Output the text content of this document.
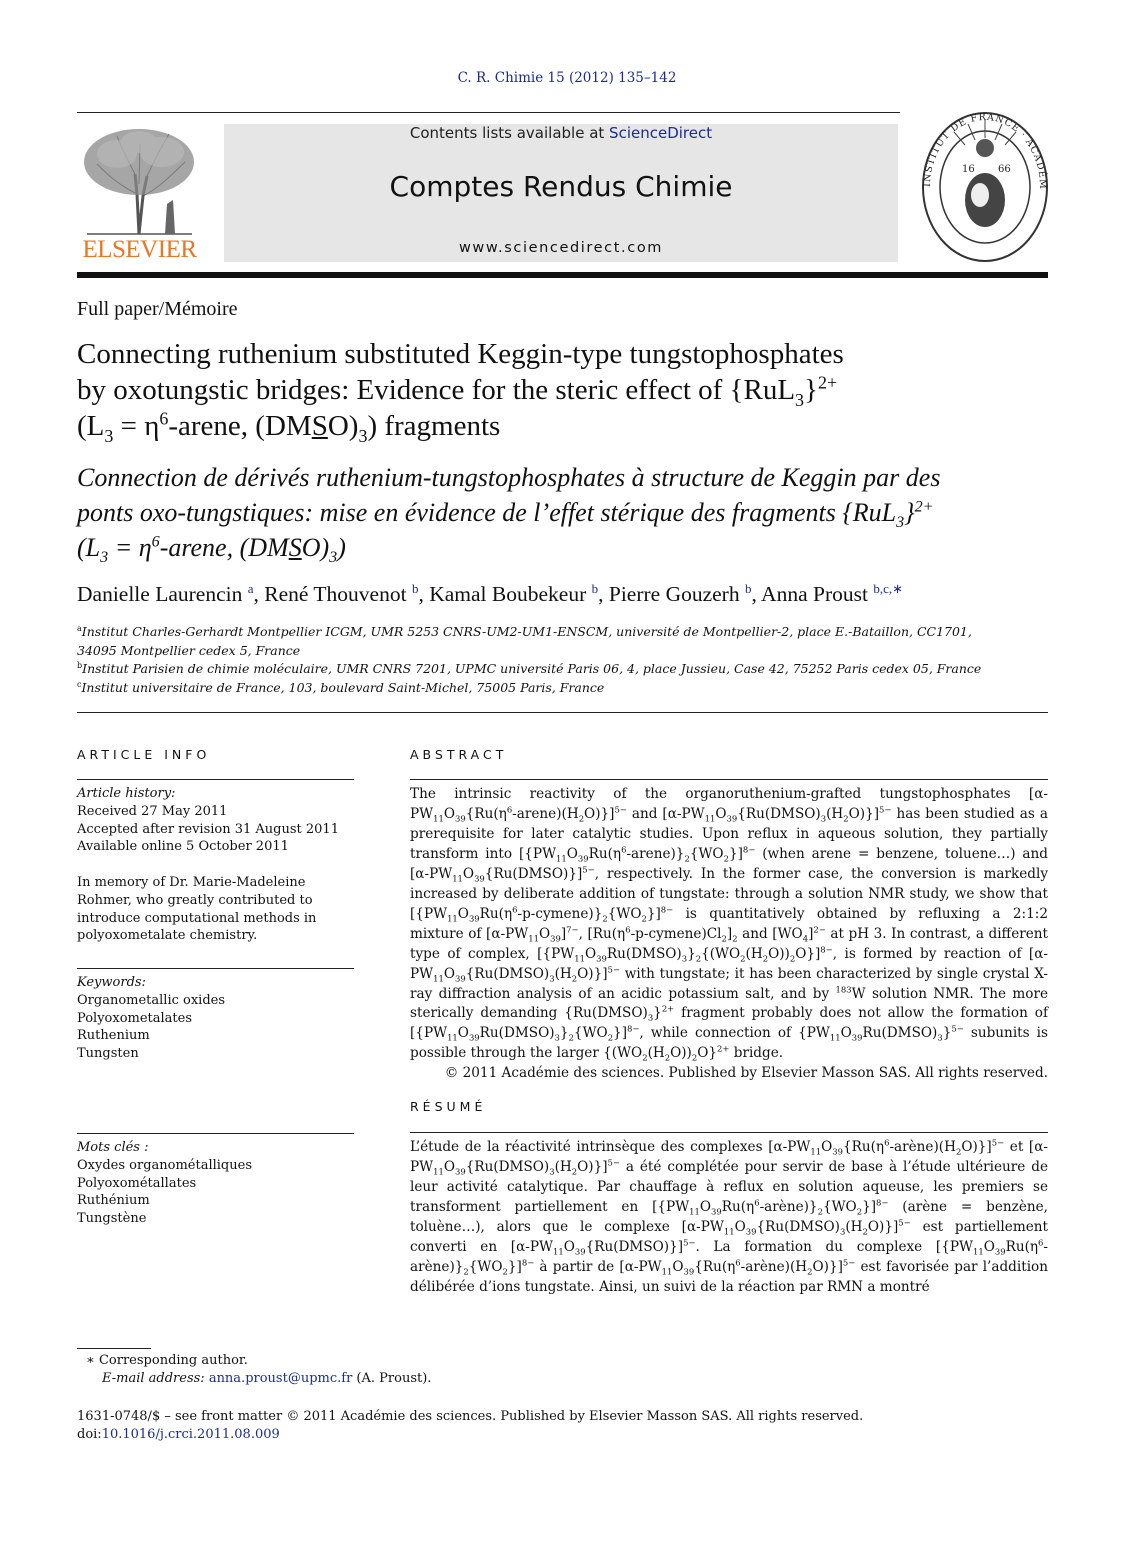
C. R. Chimie 15 (2012) 135–142
ELSEVIER
Contents lists available at ScienceDirect
Comptes Rendus Chimie
www.sciencedirect.com
16 66
INSTITUT DE FRANCE · ACADÉM
Full paper/Mémoire
Connecting ruthenium substituted Keggin-type tungstophosphates
by oxotungstic bridges: Evidence for the steric effect of $\{RuL_3\}^{2+}$
($L_3$ = $\eta^6$-arene, $(DMSO)_3$) fragments
Connection de dérivés ruthenium-tungstophosphates à structure de Keggin par des
ponts oxo-tungstiques: mise en évidence de l’effet stérique des fragments $\{RuL_3\}^{2+}$
($L_3$ = $\eta^6$-arene, $(DMSO)_3$)
Danielle Laurencin $^a$, René Thouvenot $^b$, Kamal Boubekeur $^b$, Pierre Gouzerh $^b$, Anna Proust $^{b,c,∗}$
$^a$Institut Charles-Gerhardt Montpellier ICGM, UMR 5253 CNRS-UM2-UM1-ENSCM, université de Montpellier-2, place E.-Bataillon, CC1701,
34095 Montpellier cedex 5, France
$^b$Institut Parisien de chimie moléculaire, UMR CNRS 7201, UPMC université Paris 06, 4, place Jussieu, Case 42, 75252 Paris cedex 05, France
$^c$Institut universitaire de France, 103, boulevard Saint-Michel, 75005 Paris, France
ARTICLE INFO
Article history:
Received 27 May 2011
Accepted after revision 31 August 2011
Available online 5 October 2011
In memory of Dr. Marie-Madeleine Rohmer, who greatly contributed to introduce computational methods in polyoxometalate chemistry.
Keywords:
Organometallic oxides
Polyoxometalates
Ruthenium
Tungsten
Mots clés :
Oxydes organométalliques
Polyoxométallates
Ruthénium
Tungstène
ABSTRACT
The intrinsic reactivity of the organoruthenium-grafted tungstophosphates $[\alpha-PW_{11}O_{39}\{Ru(\eta^6-arene)(H_2O)\}]^{5-}$ and $[\alpha-PW_{11}O_{39}\{Ru(DMSO)_3(H_2O)\}]^{5-}$ has been studied as a prerequisite for later catalytic studies. Upon reflux in aqueous solution, they partially transform into $[\{PW_{11}O_{39}Ru(\eta^6-arene)\}_2\{WO_2\}]^{8-}$ (when arene = benzene, toluene…) and $[\alpha-PW_{11}O_{39}\{Ru(DMSO)\}]^{5-}$, respectively. In the former case, the conversion is markedly increased by deliberate addition of tungstate: through a solution NMR study, we show that $[\{PW_{11}O_{39}Ru(\eta^6-p-cymene)\}_2\{WO_2\}]^{8-}$ is quantitatively obtained by refluxing a 2:1:2 mixture of $[\alpha-PW_{11}O_{39}]^{7-}$, $[Ru(\eta^6-p-cymene)Cl_2]_2$ and $[WO_4]^{2-}$ at pH 3. In contrast, a different type of complex, $[\{PW_{11}O_{39}Ru(DMSO)_3\}_2\{(WO_2(H_2O))_2O\}]^{8-}$, is formed by reaction of $[\alpha-PW_{11}O_{39}\{Ru(DMSO)_3(H_2O)\}]^{5-}$ with tungstate; it has been characterized by single crystal X-ray diffraction analysis of an acidic potassium salt, and by $^{183}$W solution NMR. The more sterically demanding $\{Ru(DMSO)_3\}^{2+}$ fragment probably does not allow the formation of $[\{PW_{11}O_{39}Ru(DMSO)_3\}_2\{WO_2\}]^{8-}$, while connection of $\{PW_{11}O_{39}Ru(DMSO)_3\}^{5-}$ subunits is possible through the larger $\{(WO_2(H_2O))_2O\}^{2+}$ bridge.
© 2011 Académie des sciences. Published by Elsevier Masson SAS. All rights reserved.
RÉSUMÉ
L’étude de la réactivité intrinsèque des complexes $[\alpha-PW_{11}O_{39}\{Ru(\eta^6-arène)(H_2O)\}]^{5-}$ et $[\alpha-PW_{11}O_{39}\{Ru(DMSO)_3(H_2O)\}]^{5-}$ a été complétée pour servir de base à l’étude ultérieure de leur activité catalytique. Par chauffage à reflux en solution aqueuse, les premiers se transforment partiellement en $[\{PW_{11}O_{39}Ru(\eta^6-arène)\}_2\{WO_2\}]^{8-}$ (arène = benzène, toluène…), alors que le complexe $[\alpha-PW_{11}O_{39}\{Ru(DMSO)_3(H_2O)\}]^{5-}$ est partiellement converti en $[\alpha-PW_{11}O_{39}\{Ru(DMSO)\}]^{5-}$. La formation du complexe $[\{PW_{11}O_{39}Ru(\eta^6-arène)\}_2\{WO_2\}]^{8-}$ à partir de $[\alpha-PW_{11}O_{39}\{Ru(\eta^6-arène)(H_2O)\}]^{5-}$ est favorisée par l’addition délibérée d’ions tungstate. Ainsi, un suivi de la réaction par RMN a montré
∗ Corresponding author.
E-mail address: anna.proust@upmc.fr (A. Proust).
1631-0748/$ – see front matter © 2011 Académie des sciences. Published by Elsevier Masson SAS. All rights reserved.
doi:10.1016/j.crci.2011.08.009
